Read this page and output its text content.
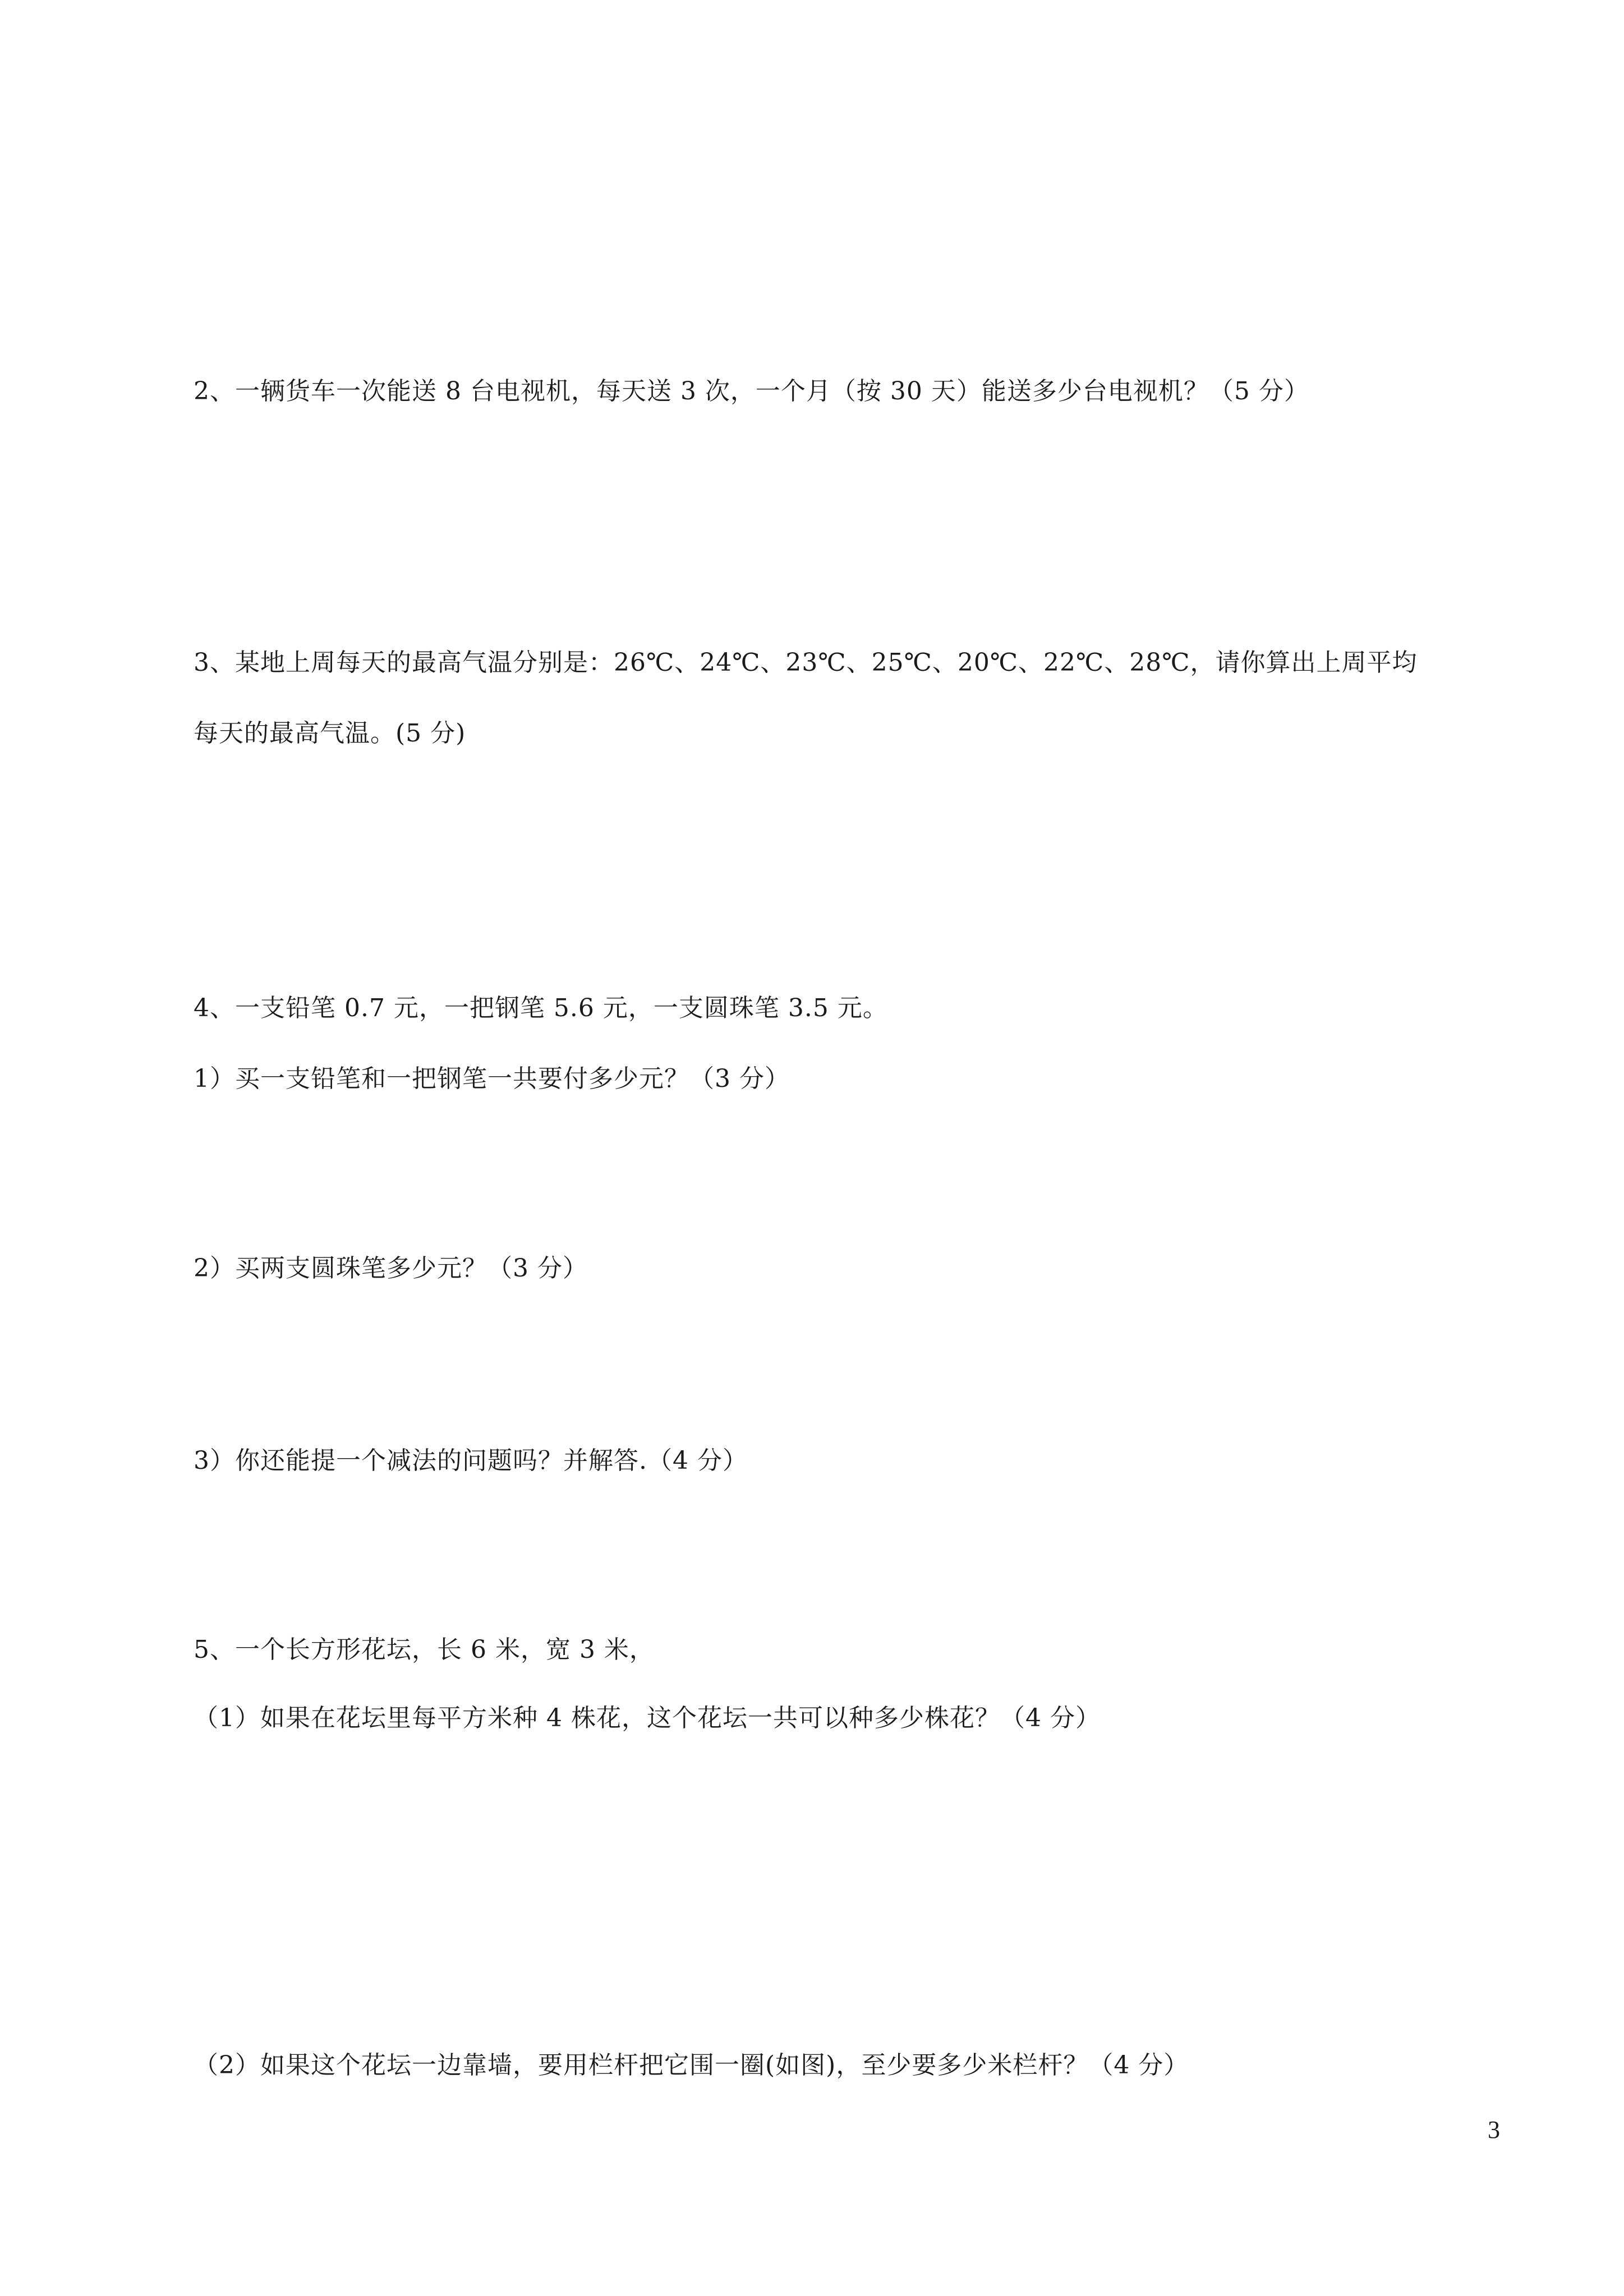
2、一辆货车一次能送 8 台电视机，每天送 3 次，一个月（按 30 天）能送多少台电视机？（5 分）
3、某地上周每天的最高气温分别是：26℃、24℃、23℃、25℃、20℃、22℃、28℃，请你算出上周平均
每天的最高气温。(5 分)
4、一支铅笔 0.7 元，一把钢笔 5.6 元，一支圆珠笔 3.5 元。
1）买一支铅笔和一把钢笔一共要付多少元？（3 分）
2）买两支圆珠笔多少元？（3 分）
3）你还能提一个减法的问题吗？并解答.（4 分）
5、一个长方形花坛，长 6 米，宽 3 米，
（1）如果在花坛里每平方米种 4 株花，这个花坛一共可以种多少株花？（4 分）
（2）如果这个花坛一边靠墙，要用栏杆把它围一圈(如图)，至少要多少米栏杆？（4 分）
3
